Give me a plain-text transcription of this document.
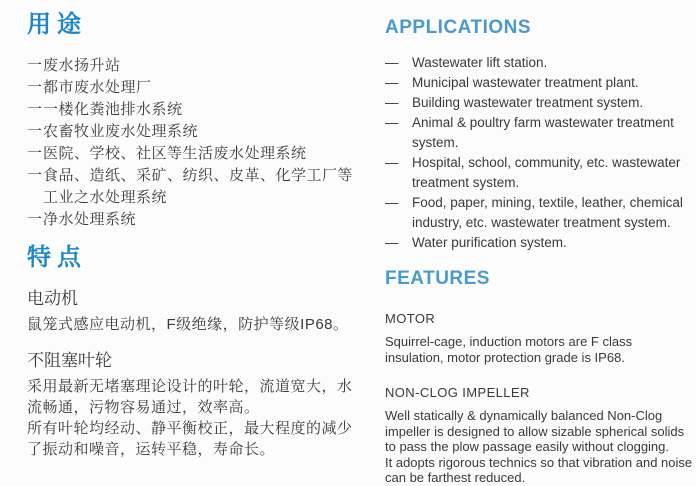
用途
一 废水扬升站
一 都市废水处理厂
一 一楼化粪池排水系统
一 农畜牧业废水处理系统
一 医院、学校、社区等生活废水处理系统
一 食品、造纸、采矿、纺织、皮革、化学工厂等工业之水处理系统
一 净水处理系统
特点
电动机

鼠笼式感应电动机，F级绝缘，防护等级IP68。

不阻塞叶轮

采用最新无堵塞理论设计的叶轮，流道宽大，水流畅通，污物容易通过，效率高。

所有叶轮均经动、静平衡校正，最大程度的减少了振动和噪音，运转平稳，寿命长。

APPLICATIONS
—	Wastewater lift station.
—	Municipal wastewater treatment plant.
—	Building wastewater treatment system.
—	Animal & poultry farm wastewater treatment system.
—	Hospital, school, community, etc. wastewater treatment system.
—	Food, paper, mining, textile, leather, chemical industry, etc. wastewater treatment system.
—	Water purification system.
FEATURES
MOTOR

Squirrel-cage, induction motors are F class insulation, motor protection grade is IP68.

NON-CLOG IMPELLER

Well statically & dynamically balanced Non-Clog impeller is designed to allow sizable spherical solids to pass the plow passage easily without clogging.

It adopts rigorous technics so that vibration and noise can be farthest reduced.
